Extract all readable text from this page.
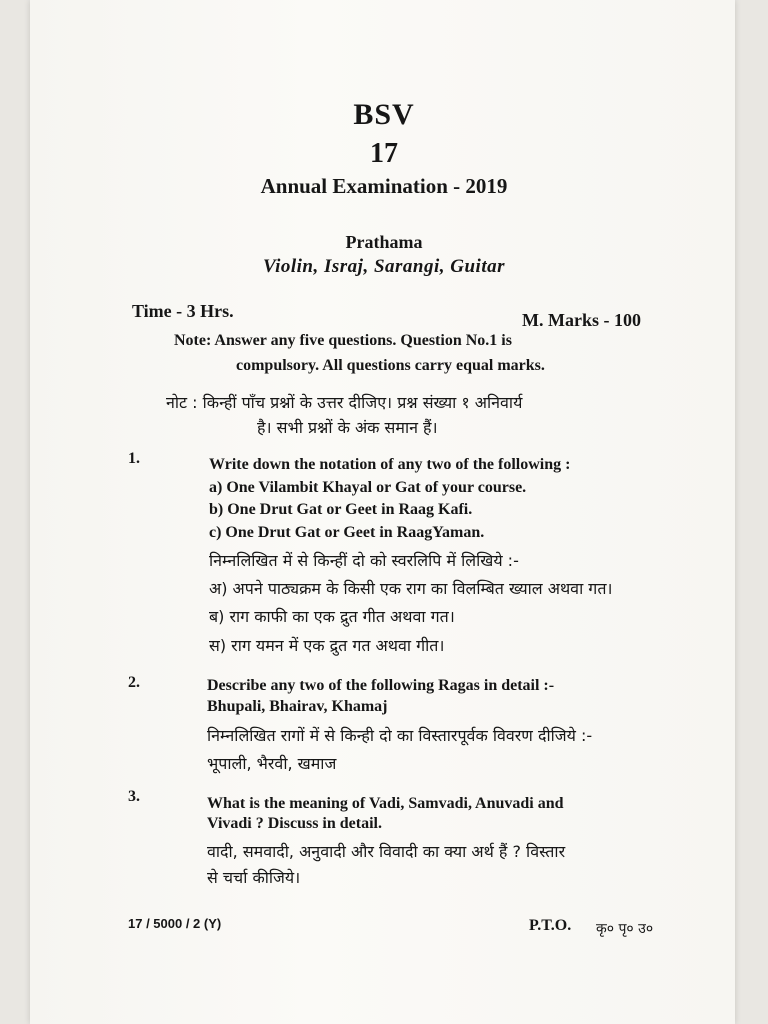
BSV
17
Annual Examination - 2019
Prathama
Violin, Israj, Sarangi, Guitar
Time - 3 Hrs.	M. Marks - 100
Note: Answer any five questions. Question No.1 is
compulsory. All questions carry equal marks.
नोट : किन्हीं पाँच प्रश्नों के उत्तर दीजिए। प्रश्न संख्या १ अनिवार्य
है। सभी प्रश्नों के अंक समान हैं।
1.	Write down the notation of any two of the following :
a) One Vilambit Khayal or Gat of your course.
b) One Drut Gat or Geet in Raag Kafi.
c) One Drut Gat or Geet in RaagYaman.
निम्नलिखित में से किन्हीं दो को स्वरलिपि में लिखिये :-
अ) अपने पाठ्यक्रम के किसी एक राग का विलम्बित ख्याल अथवा गत।
ब) राग काफी का एक द्रुत गीत अथवा गत।
स) राग यमन में एक द्रुत गत अथवा गीत।
2.	Describe any two of the following Ragas in detail :-
Bhupali, Bhairav, Khamaj
निम्नलिखित रागों में से किन्ही दो का विस्तारपूर्वक विवरण दीजिये :-
भूपाली, भैरवी, खमाज
3.	What is the meaning of Vadi, Samvadi, Anuvadi and
Vivadi ? Discuss in detail.
वादी, समवादी, अनुवादी और विवादी का क्या अर्थ हैं ? विस्तार
से चर्चा कीजिये।
17 / 5000 / 2 (Y)	P.T.O. कृ० पृ० उ०
